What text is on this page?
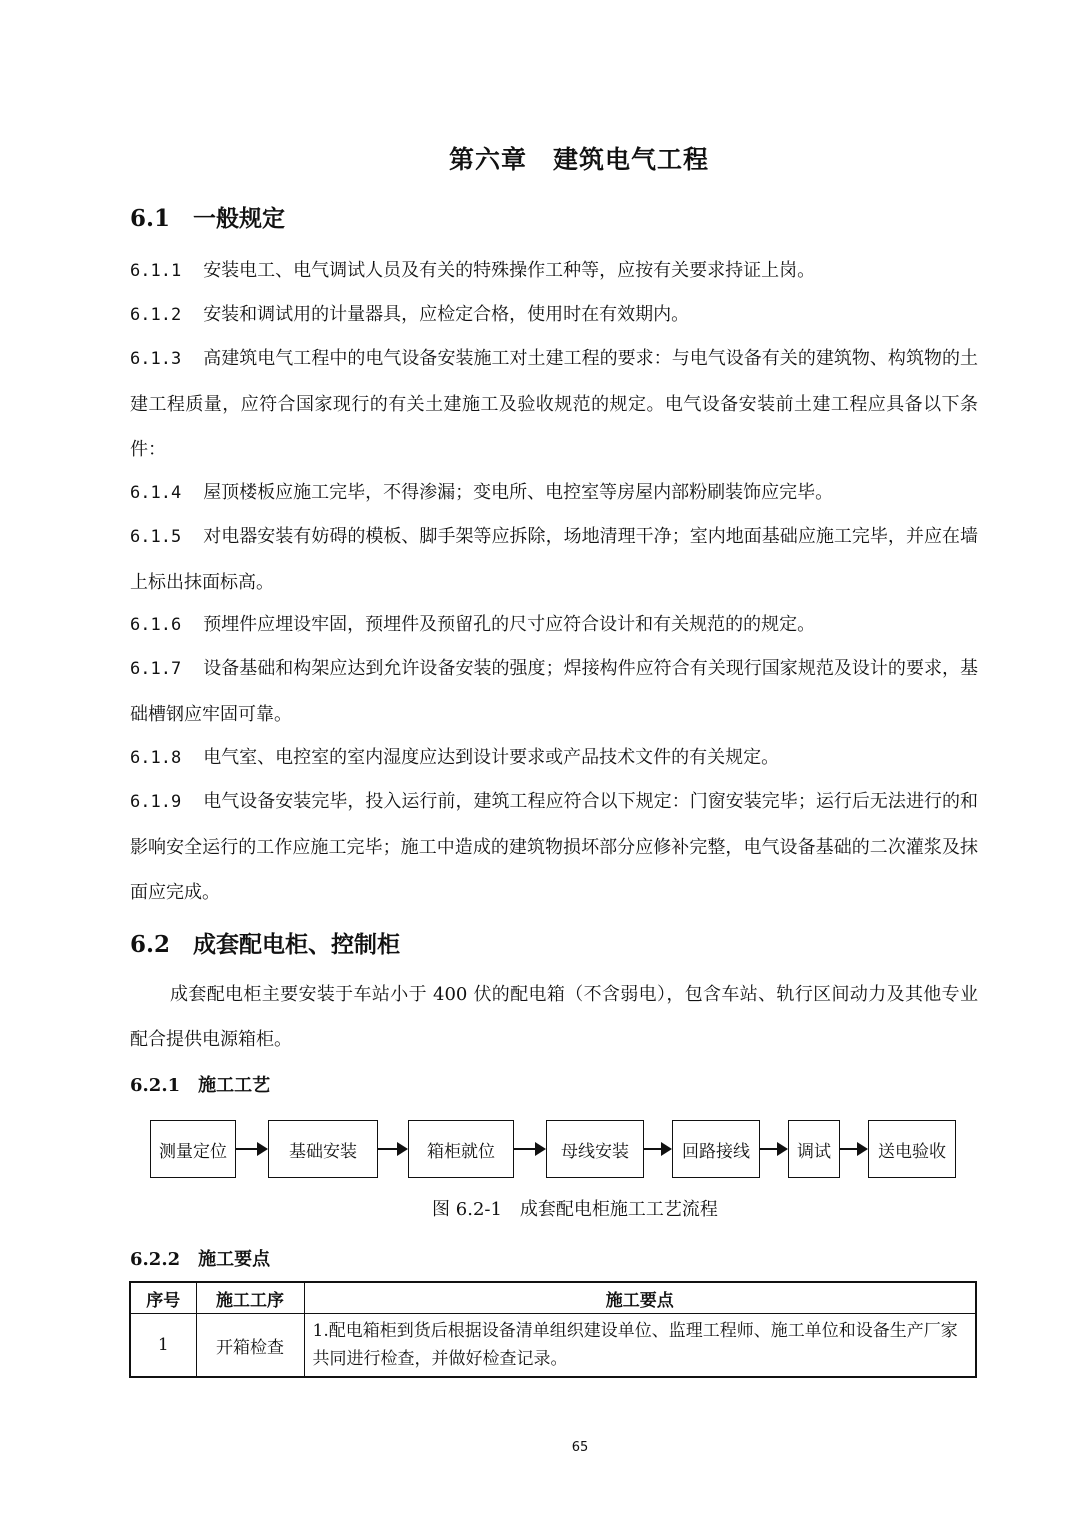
第六章　建筑电气工程
6.1　一般规定
6.1.1 安装电工、电气调试人员及有关的特殊操作工种等，应按有关要求持证上岗。
6.1.2 安装和调试用的计量器具，应检定合格，使用时在有效期内。
6.1.3 高建筑电气工程中的电气设备安装施工对土建工程的要求：与电气设备有关的建筑物、构筑物的土建工程质量，应符合国家现行的有关土建施工及验收规范的规定。电气设备安装前土建工程应具备以下条件：
6.1.4 屋顶楼板应施工完毕，不得渗漏；变电所、电控室等房屋内部粉刷装饰应完毕。
6.1.5 对电器安装有妨碍的模板、脚手架等应拆除，场地清理干净；室内地面基础应施工完毕，并应在墙上标出抹面标高。
6.1.6 预埋件应埋设牢固，预埋件及预留孔的尺寸应符合设计和有关规范的的规定。
6.1.7 设备基础和构架应达到允许设备安装的强度；焊接构件应符合有关现行国家规范及设计的要求，基础槽钢应牢固可靠。
6.1.8 电气室、电控室的室内湿度应达到设计要求或产品技术文件的有关规定。
6.1.9 电气设备安装完毕，投入运行前，建筑工程应符合以下规定：门窗安装完毕；运行后无法进行的和影响安全运行的工作应施工完毕；施工中造成的建筑物损坏部分应修补完整，电气设备基础的二次灌浆及抹面应完成。
6.2　成套配电柜、控制柜
成套配电柜主要安装于车站小于 400 伏的配电箱（不含弱电），包含车站、轨行区间动力及其他专业配合提供电源箱柜。
6.2.1　施工工艺
测量定位	基础安装	箱柜就位	母线安装	回路接线	调试	送电验收
图 6.2-1　成套配电柜施工工艺流程
6.2.2　施工要点
序号	施工工序	施工要点
1	开箱检查	1.配电箱柜到货后根据设备清单组织建设单位、监理工程师、施工单位和设备生产厂家共同进行检查，并做好检查记录。
65
